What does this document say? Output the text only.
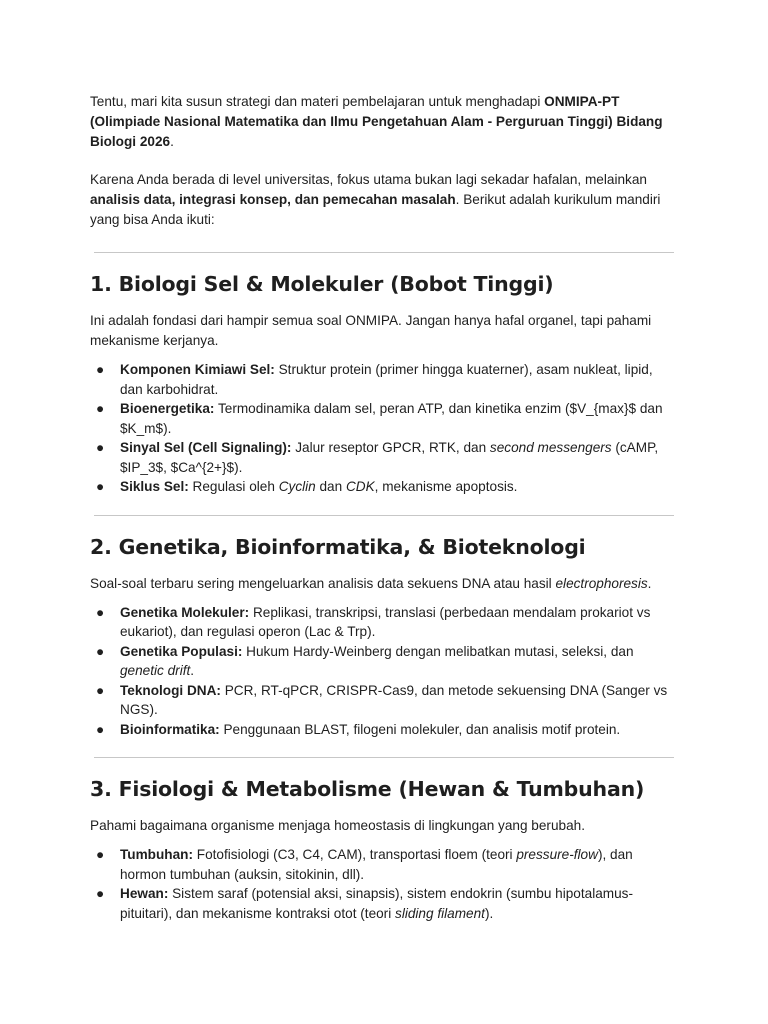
Tentu, mari kita susun strategi dan materi pembelajaran untuk menghadapi ONMIPA-PT (Olimpiade Nasional Matematika dan Ilmu Pengetahuan Alam - Perguruan Tinggi) Bidang Biologi 2026.

Karena Anda berada di level universitas, fokus utama bukan lagi sekadar hafalan, melainkan analisis data, integrasi konsep, dan pemecahan masalah. Berikut adalah kurikulum mandiri yang bisa Anda ikuti:

1. Biologi Sel & Molekuler (Bobot Tinggi)

Ini adalah fondasi dari hampir semua soal ONMIPA. Jangan hanya hafal organel, tapi pahami mekanisme kerjanya.

● Komponen Kimiawi Sel: Struktur protein (primer hingga kuaterner), asam nukleat, lipid, dan karbohidrat.
● Bioenergetika: Termodinamika dalam sel, peran ATP, dan kinetika enzim ($V_{max}$ dan $K_m$).
● Sinyal Sel (Cell Signaling): Jalur reseptor GPCR, RTK, dan second messengers (cAMP, $IP_3$, $Ca^{2+}$).
● Siklus Sel: Regulasi oleh Cyclin dan CDK, mekanisme apoptosis.
2. Genetika, Bioinformatika, & Bioteknologi

Soal-soal terbaru sering mengeluarkan analisis data sekuens DNA atau hasil electrophoresis.

● Genetika Molekuler: Replikasi, transkripsi, translasi (perbedaan mendalam prokariot vs eukariot), dan regulasi operon (Lac & Trp).
● Genetika Populasi: Hukum Hardy-Weinberg dengan melibatkan mutasi, seleksi, dan genetic drift.
● Teknologi DNA: PCR, RT-qPCR, CRISPR-Cas9, dan metode sekuensing DNA (Sanger vs NGS).
● Bioinformatika: Penggunaan BLAST, filogeni molekuler, dan analisis motif protein.
3. Fisiologi & Metabolisme (Hewan & Tumbuhan)

Pahami bagaimana organisme menjaga homeostasis di lingkungan yang berubah.

● Tumbuhan: Fotofisiologi (C3, C4, CAM), transportasi floem (teori pressure-flow), dan hormon tumbuhan (auksin, sitokinin, dll).
● Hewan: Sistem saraf (potensial aksi, sinapsis), sistem endokrin (sumbu hipotalamus-pituitari), dan mekanisme kontraksi otot (teori sliding filament).
